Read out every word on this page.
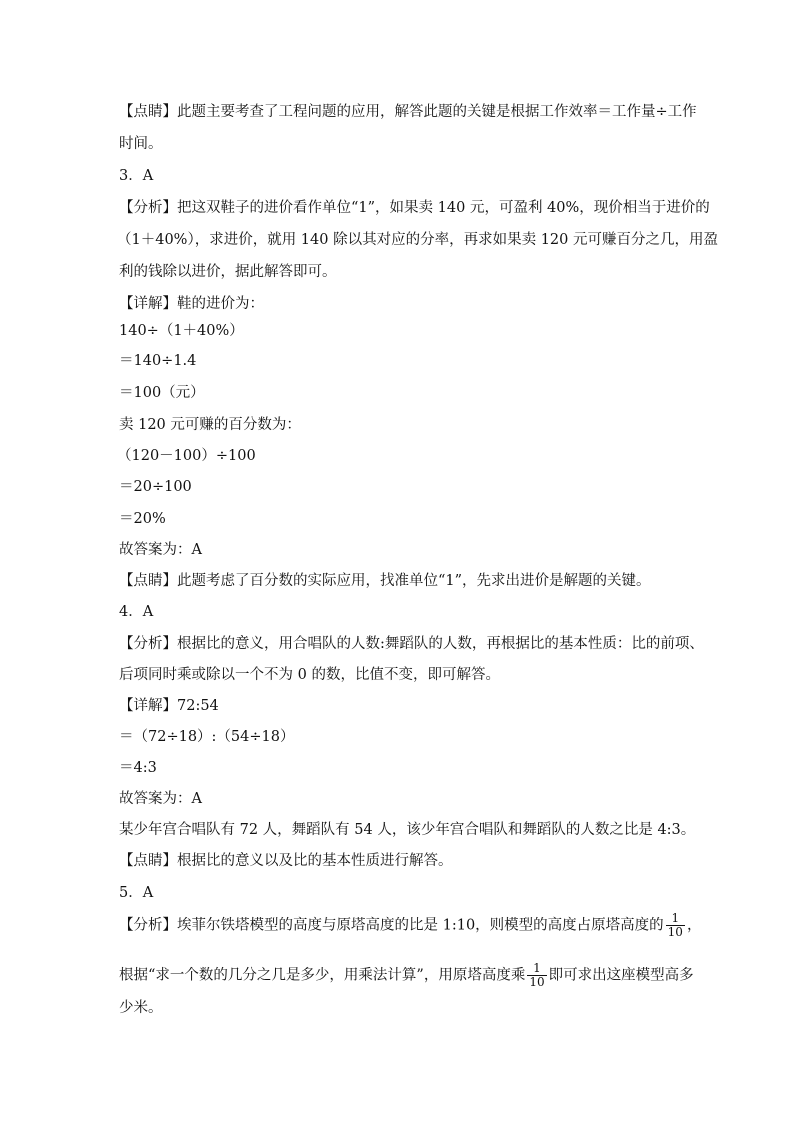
【点睛】此题主要考查了工程问题的应用，解答此题的关键是根据工作效率＝工作量÷工作
时间。
3．A
【分析】把这双鞋子的进价看作单位“1”，如果卖 140 元，可盈利 40%，现价相当于进价的
（1＋40%），求进价，就用 140 除以其对应的分率，再求如果卖 120 元可赚百分之几，用盈
利的钱除以进价，据此解答即可。
【详解】鞋的进价为：
140÷（1＋40%）
＝140÷1.4
＝100（元）
卖 120 元可赚的百分数为：
（120－100）÷100
＝20÷100
＝20%
故答案为：A
【点睛】此题考虑了百分数的实际应用，找准单位“1”，先求出进价是解题的关键。
4．A
【分析】根据比的意义，用合唱队的人数:舞蹈队的人数，再根据比的基本性质：比的前项、
后项同时乘或除以一个不为 0 的数，比值不变，即可解答。
【详解】72:54
＝（72÷18）:（54÷18）
＝4:3
故答案为：A
某少年宫合唱队有 72 人，舞蹈队有 54 人，该少年宫合唱队和舞蹈队的人数之比是 4:3。
【点睛】根据比的意义以及比的基本性质进行解答。
5．A
【分析】埃菲尔铁塔模型的高度与原塔高度的比是 1:10，则模型的高度占原塔高度的 $\frac{1}{10}$ ，
根据“求一个数的几分之几是多少，用乘法计算”，用原塔高度乘 $\frac{1}{10}$ 即可求出这座模型高多
少米。
